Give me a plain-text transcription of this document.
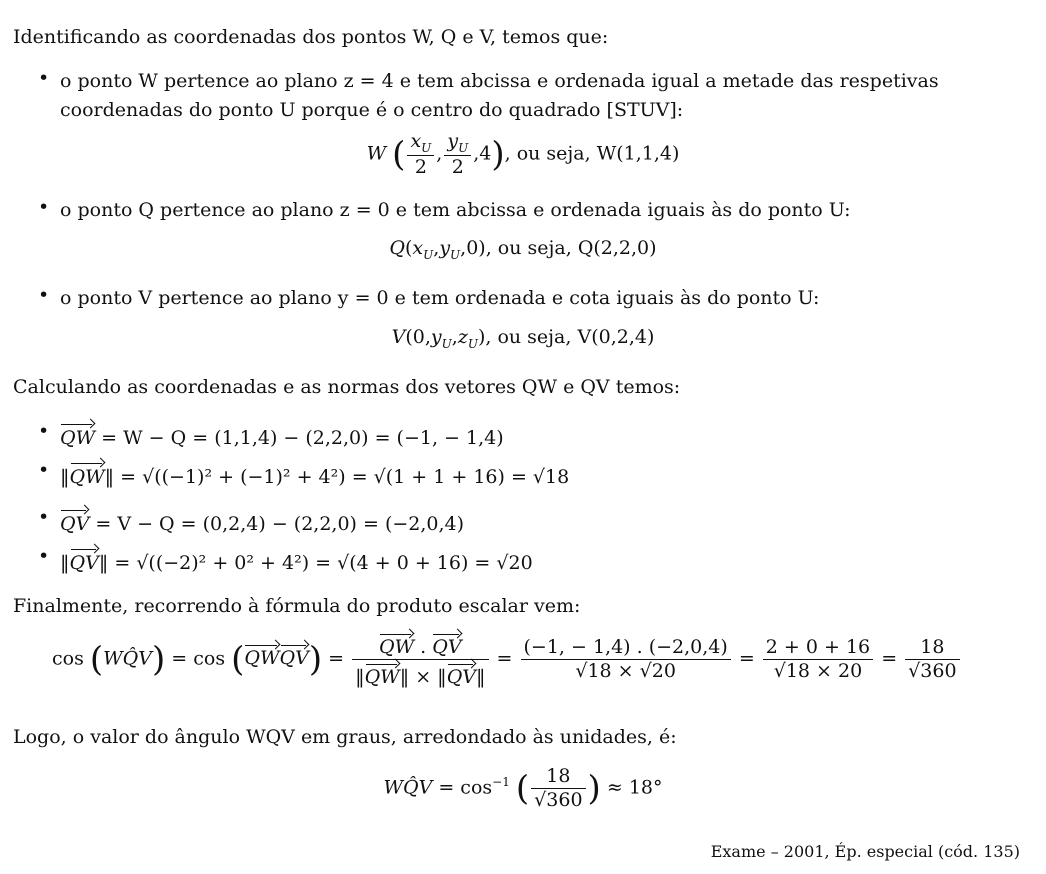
Identificando as coordenadas dos pontos W, Q e V, temos que:
• o ponto W pertence ao plano z = 4 e tem abcissa e ordenada igual a metade das respetivas coordenadas do ponto U porque é o centro do quadrado [STUV]:
W ( $\frac{x_U}{2}$ , $\frac{y_U}{2} ,4$), ou seja, W(1,1,4)
• o ponto Q pertence ao plano z = 0 e tem abcissa e ordenada iguais às do ponto U:
$Q(x_U,y_U,0)$, ou seja, Q(2,2,0)
• o ponto V pertence ao plano y = 0 e tem ordenada e cota iguais às do ponto U:
$V(0,y_U,z_U)$, ou seja, V(0,2,4)
Calculando as coordenadas e as normas dos vetores QW e QV temos:
• QW = W − Q = (1,1,4) − (2,2,0) = (−1, − 1,4)
• ‖QW‖ = √((−1)² + (−1)² + 4²) = √(1 + 1 + 16) = √18
• QV = V − Q = (0,2,4) − (2,2,0) = (−2,0,4)
• ‖QV‖ = √((−2)² + 0² + 4²) = √(4 + 0 + 16) = √20
Finalmente, recorrendo à fórmula do produto escalar vem:
cos (WQ̂V) = cos (QWQV) = $\frac{QW . QV}{‖QW‖ \times ‖QV‖} = \frac{(-1, - 1,4) . (-2,0,4)}{√18 \times √20} = \frac{2 + 0 + 16}{√18 \times 20} = \frac{18}{√360}$
Logo, o valor do ângulo WQV em graus, arredondado às unidades, é:
WQ̂V = $\cos^{-1}$ ( $\frac{18}{√360}$ ) ≈ 18°
Exame – 2001, Ép. especial (cód. 135)
